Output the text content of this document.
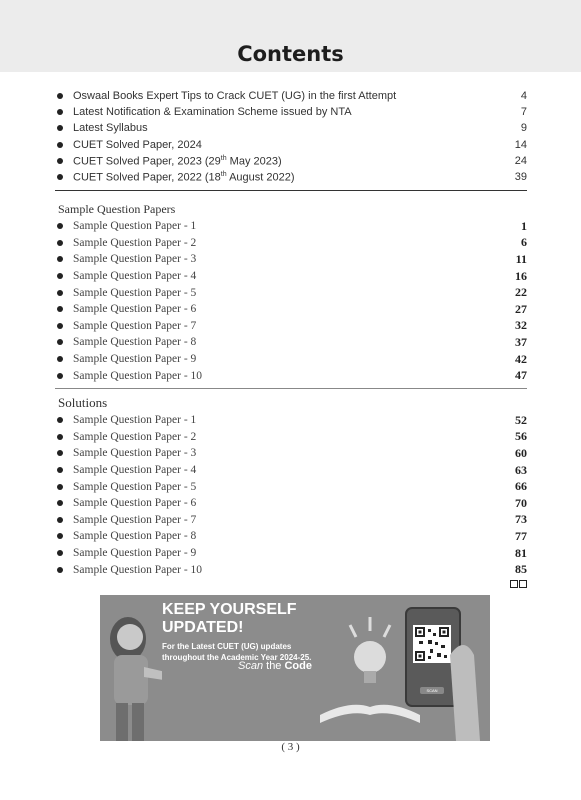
Contents
Oswaal Books Expert Tips to Crack CUET (UG) in the first Attempt	4
Latest Notification & Examination Scheme issued by NTA	7
Latest Syllabus	9
CUET Solved Paper, 2024	14
CUET Solved Paper, 2023 (29th May 2023)	24
CUET Solved Paper, 2022 (18th August 2022)	39
Sample Question Papers
Sample Question Paper - 1	1
Sample Question Paper - 2	6
Sample Question Paper - 3	11
Sample Question Paper - 4	16
Sample Question Paper - 5	22
Sample Question Paper - 6	27
Sample Question Paper - 7	32
Sample Question Paper - 8	37
Sample Question Paper - 9	42
Sample Question Paper - 10	47
Solutions
Sample Question Paper - 1	52
Sample Question Paper - 2	56
Sample Question Paper - 3	60
Sample Question Paper - 4	63
Sample Question Paper - 5	66
Sample Question Paper - 6	70
Sample Question Paper - 7	73
Sample Question Paper - 8	77
Sample Question Paper - 9	81
Sample Question Paper - 10	85
KEEP YOURSELF
UPDATED!
For the Latest CUET (UG) updates throughout the Academic Year 2024-25.
Scan the Code
SCAN
( 3 )
